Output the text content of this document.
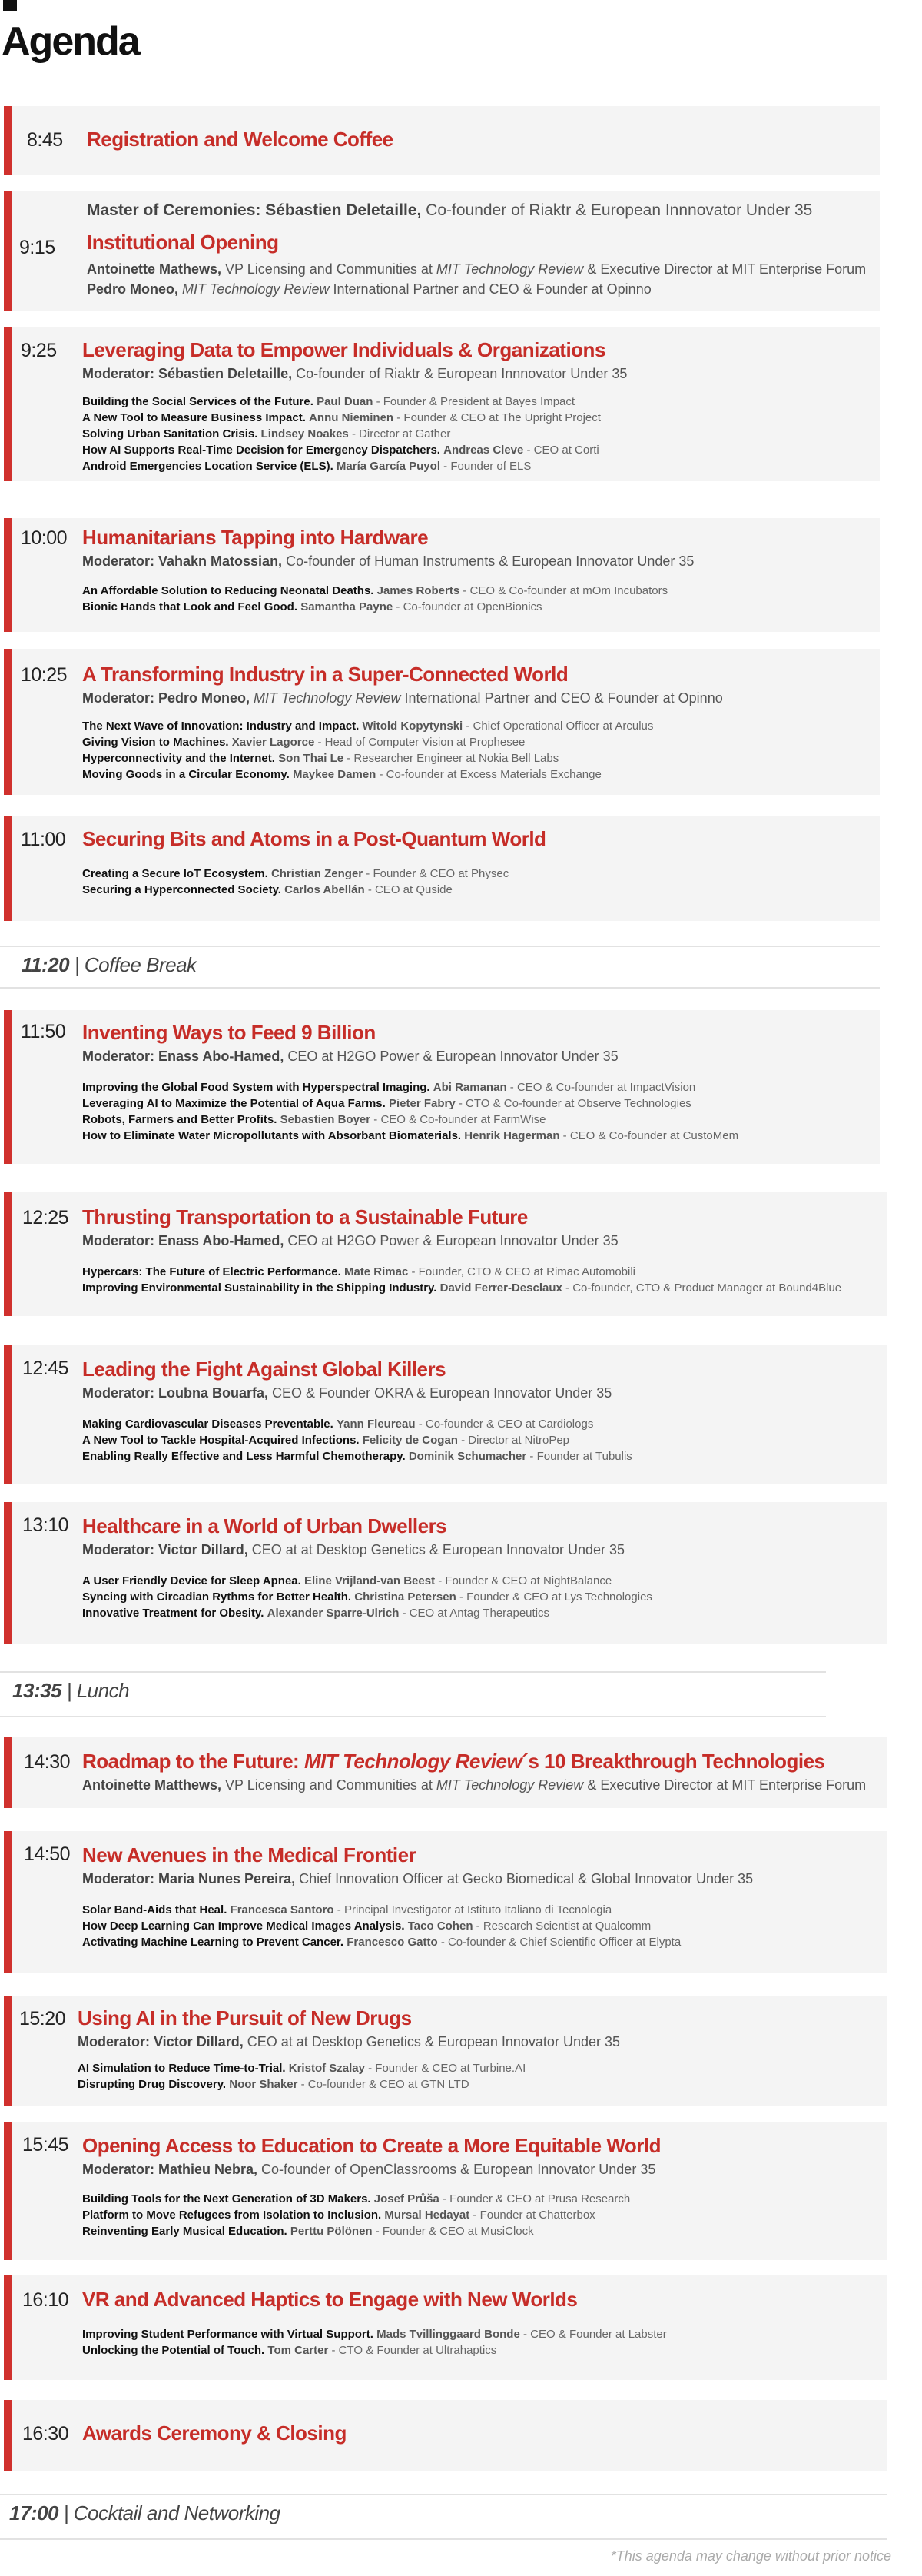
Agenda
8:45 Registration and Welcome Coffee
Master of Ceremonies: Sébastien Deletaille, Co-founder of Riaktr & European Innnovator Under 35
9:15 Institutional Opening
Antoinette Mathews, VP Licensing and Communities at MIT Technology Review & Executive Director at MIT Enterprise Forum
Pedro Moneo, MIT Technology Review International Partner and CEO & Founder at Opinno
9:25 Leveraging Data to Empower Individuals & Organizations
Moderator: Sébastien Deletaille, Co-founder of Riaktr & European Innnovator Under 35
Building the Social Services of the Future. Paul Duan - Founder & President at Bayes Impact
A New Tool to Measure Business Impact. Annu Nieminen - Founder & CEO at The Upright Project
Solving Urban Sanitation Crisis. Lindsey Noakes - Director at Gather
How AI Supports Real-Time Decision for Emergency Dispatchers. Andreas Cleve - CEO at Corti
Android Emergencies Location Service (ELS). María García Puyol - Founder of ELS
10:00 Humanitarians Tapping into Hardware
Moderator: Vahakn Matossian, Co-founder of Human Instruments & European Innovator Under 35
An Affordable Solution to Reducing Neonatal Deaths. James Roberts - CEO & Co-founder at mOm Incubators
Bionic Hands that Look and Feel Good. Samantha Payne - Co-founder at OpenBionics
10:25 A Transforming Industry in a Super-Connected World
Moderator: Pedro Moneo, MIT Technology Review International Partner and CEO & Founder at Opinno
The Next Wave of Innovation: Industry and Impact. Witold Kopytynski - Chief Operational Officer at Arculus
Giving Vision to Machines. Xavier Lagorce - Head of Computer Vision at Prophesee
Hyperconnectivity and the Internet. Son Thai Le - Researcher Engineer at Nokia Bell Labs
Moving Goods in a Circular Economy. Maykee Damen - Co-founder at Excess Materials Exchange
11:00 Securing Bits and Atoms in a Post-Quantum World
Creating a Secure IoT Ecosystem. Christian Zenger - Founder & CEO at Physec
Securing a Hyperconnected Society. Carlos Abellán - CEO at Quside
11:20 | Coffee Break
11:50 Inventing Ways to Feed 9 Billion
Moderator: Enass Abo-Hamed, CEO at H2GO Power & European Innovator Under 35
Improving the Global Food System with Hyperspectral Imaging. Abi Ramanan - CEO & Co-founder at ImpactVision
Leveraging AI to Maximize the Potential of Aqua Farms. Pieter Fabry - CTO & Co-founder at Observe Technologies
Robots, Farmers and Better Profits. Sebastien Boyer - CEO & Co-founder at FarmWise
How to Eliminate Water Micropollutants with Absorbant Biomaterials. Henrik Hagerman - CEO & Co-founder at CustoMem
12:25 Thrusting Transportation to a Sustainable Future
Moderator: Enass Abo-Hamed, CEO at H2GO Power & European Innovator Under 35
Hypercars: The Future of Electric Performance. Mate Rimac - Founder, CTO & CEO at Rimac Automobili
Improving Environmental Sustainability in the Shipping Industry. David Ferrer-Desclaux - Co-founder, CTO & Product Manager at Bound4Blue
12:45 Leading the Fight Against Global Killers
Moderator: Loubna Bouarfa, CEO & Founder OKRA & European Innovator Under 35
Making Cardiovascular Diseases Preventable. Yann Fleureau - Co-founder & CEO at Cardiologs
A New Tool to Tackle Hospital-Acquired Infections. Felicity de Cogan - Director at NitroPep
Enabling Really Effective and Less Harmful Chemotherapy. Dominik Schumacher - Founder at Tubulis
13:10 Healthcare in a World of Urban Dwellers
Moderator: Victor Dillard, CEO at at Desktop Genetics & European Innovator Under 35
A User Friendly Device for Sleep Apnea. Eline Vrijland-van Beest - Founder & CEO at NightBalance
Syncing with Circadian Rythms for Better Health. Christina Petersen - Founder & CEO at Lys Technologies
Innovative Treatment for Obesity. Alexander Sparre-Ulrich - CEO at Antag Therapeutics
13:35 | Lunch
14:30 Roadmap to the Future: MIT Technology Review´s 10 Breakthrough Technologies
Antoinette Matthews, VP Licensing and Communities at MIT Technology Review & Executive Director at MIT Enterprise Forum
14:50 New Avenues in the Medical Frontier
Moderator: Maria Nunes Pereira, Chief Innovation Officer at Gecko Biomedical & Global Innovator Under 35
Solar Band-Aids that Heal. Francesca Santoro - Principal Investigator at Istituto Italiano di Tecnologia
How Deep Learning Can Improve Medical Images Analysis. Taco Cohen - Research Scientist at Qualcomm
Activating Machine Learning to Prevent Cancer. Francesco Gatto - Co-founder & Chief Scientific Officer at Elypta
15:20 Using AI in the Pursuit of New Drugs
Moderator: Victor Dillard, CEO at at Desktop Genetics & European Innovator Under 35
AI Simulation to Reduce Time-to-Trial. Kristof Szalay - Founder & CEO at Turbine.AI
Disrupting Drug Discovery. Noor Shaker - Co-founder & CEO at GTN LTD
15:45 Opening Access to Education to Create a More Equitable World
Moderator: Mathieu Nebra, Co-founder of OpenClassrooms & European Innovator Under 35
Building Tools for the Next Generation of 3D Makers. Josef Průša - Founder & CEO at Prusa Research
Platform to Move Refugees from Isolation to Inclusion. Mursal Hedayat - Founder at Chatterbox
Reinventing Early Musical Education. Perttu Pölönen - Founder & CEO at MusiClock
16:10 VR and Advanced Haptics to Engage with New Worlds
Improving Student Performance with Virtual Support. Mads Tvillinggaard Bonde - CEO & Founder at Labster
Unlocking the Potential of Touch. Tom Carter - CTO & Founder at Ultrahaptics
16:30 Awards Ceremony & Closing
17:00 | Cocktail and Networking
*This agenda may change without prior notice
